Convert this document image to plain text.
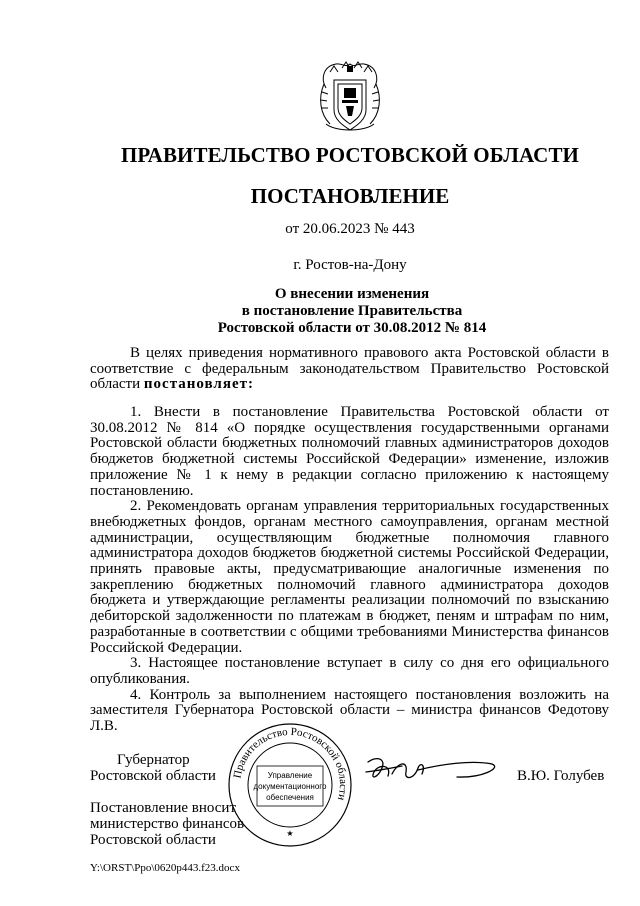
ПРАВИТЕЛЬСТВО РОСТОВСКОЙ ОБЛАСТИ
ПОСТАНОВЛЕНИЕ
от 20.06.2023 № 443
г. Ростов-на-Дону
О внесении изменения
в постановление Правительства
Ростовской области от 30.08.2012 № 814

В целях приведения нормативного правового акта Ростовской области в соответствие с федеральным законодательством Правительство Ростовской области постановляет:

1. Внести в постановление Правительства Ростовской области от 30.08.2012 № 814 «О порядке осуществления государственными органами Ростовской области бюджетных полномочий главных администраторов доходов бюджетов бюджетной системы Российской Федерации» изменение, изложив приложение № 1 к нему в редакции согласно приложению к настоящему постановлению.

2. Рекомендовать органам управления территориальных государственных внебюджетных фондов, органам местного самоуправления, органам местной администрации, осуществляющим бюджетные полномочия главного администратора доходов бюджетов бюджетной системы Российской Федерации, принять правовые акты, предусматривающие аналогичные изменения по закреплению бюджетных полномочий главного администратора доходов бюджета и утверждающие регламенты реализации полномочий по взысканию дебиторской задолженности по платежам в бюджет, пеням и штрафам по ним, разработанные в соответствии с общими требованиями Министерства финансов Российской Федерации.

3. Настоящее постановление вступает в силу со дня его официального опубликования.

4. Контроль за выполнением настоящего постановления возложить на заместителя Губернатора Ростовской области – министра финансов Федотову Л.В.

Губернатор
Ростовской области Правительство Ростовской области
Управление
документационного
обеспечения
★
В.Ю. Голубев
Постановление вносит
министерство финансов
Ростовской области
Y:\ORST\Ppo\0620p443.f23.docx
